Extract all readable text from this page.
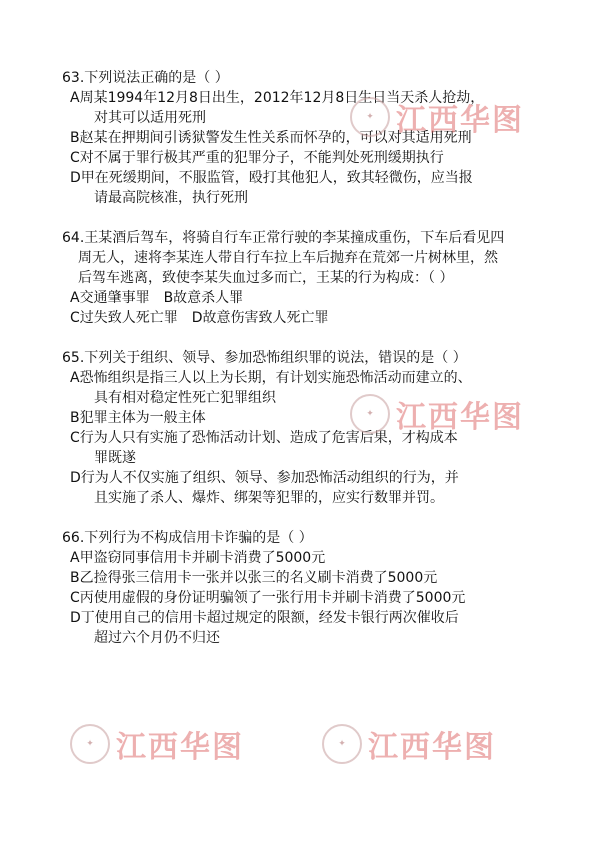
63.下列说法正确的是（ ）
A周某1994年12月8日出生，2012年12月8日生日当天杀人抢劫，
对其可以适用死刑
B赵某在押期间引诱狱警发生性关系而怀孕的，可以对其适用死刑
C对不属于罪行极其严重的犯罪分子，不能判处死刑缓期执行
D甲在死缓期间，不服监管，殴打其他犯人，致其轻微伤，应当报
请最高院核准，执行死刑
64.王某酒后驾车，将骑自行车正常行驶的李某撞成重伤，下车后看见四
周无人，速将李某连人带自行车拉上车后抛弃在荒郊一片树林里，然
后驾车逃离，致使李某失血过多而亡，王某的行为构成：（ ）
A交通肇事罪　B故意杀人罪
C过失致人死亡罪　D故意伤害致人死亡罪
65.下列关于组织、领导、参加恐怖组织罪的说法，错误的是（ ）
A恐怖组织是指三人以上为长期，有计划实施恐怖活动而建立的、
具有相对稳定性死亡犯罪组织
B犯罪主体为一般主体
C行为人只有实施了恐怖活动计划、造成了危害后果，才构成本
罪既遂
D行为人不仅实施了组织、领导、参加恐怖活动组织的行为，并
且实施了杀人、爆炸、绑架等犯罪的，应实行数罪并罚。
66.下列行为不构成信用卡诈骗的是（ ）
A甲盗窃同事信用卡并刷卡消费了5000元
B乙捡得张三信用卡一张并以张三的名义刷卡消费了5000元
C丙使用虚假的身份证明骗领了一张行用卡并刷卡消费了5000元
D丁使用自己的信用卡超过规定的限额，经发卡银行两次催收后
超过六个月仍不归还
✦ 江西华图
✦ 江西华图
✦ 江西华图	✦ 江西华图
